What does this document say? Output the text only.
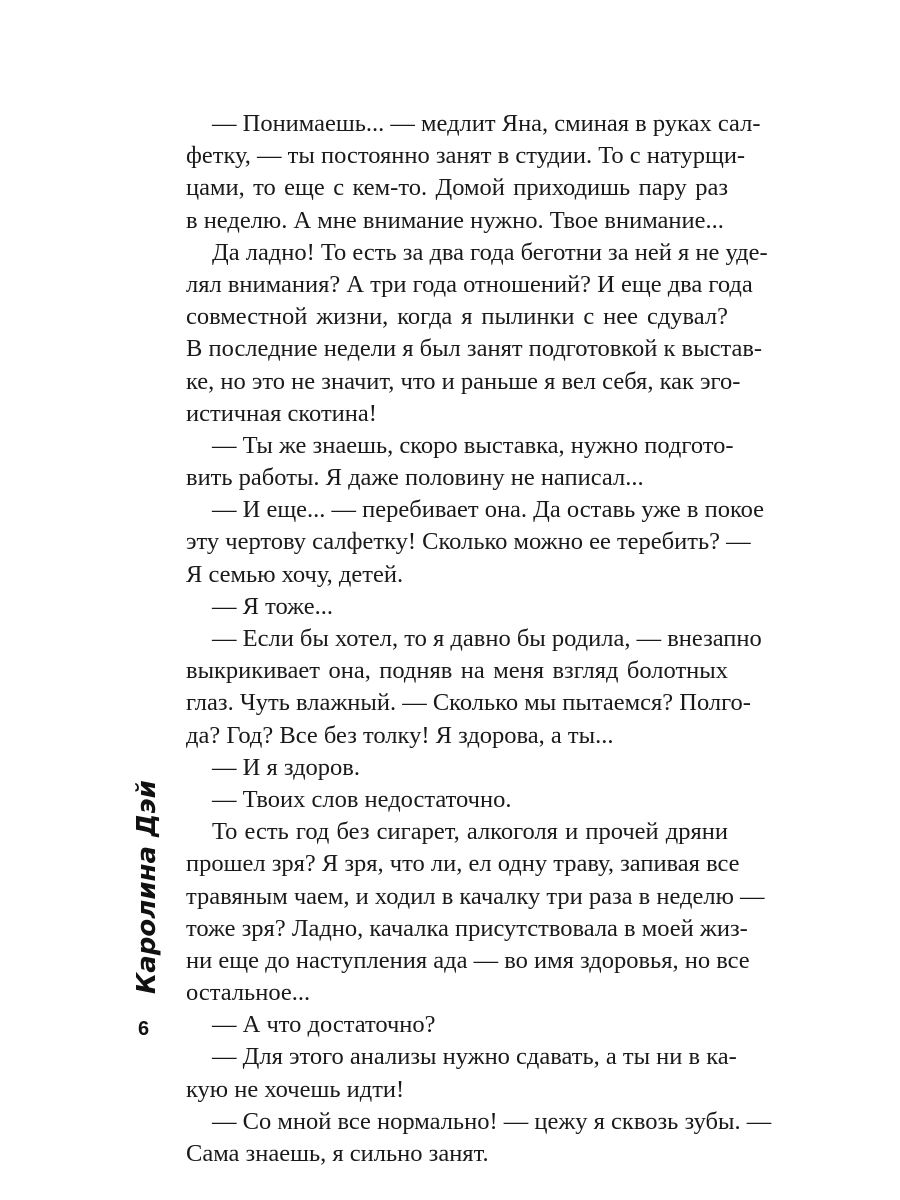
Каролина Дэй
6
— Понимаешь... — медлит Яна, сминая в руках сал-
фетку, — ты постоянно занят в студии. То с натурщи-
цами, то еще с кем-то. Домой приходишь пару раз
в неделю. А мне внимание нужно. Твое внимание...
Да ладно! То есть за два года беготни за ней я не уде-
лял внимания? А три года отношений? И еще два года
совместной жизни, когда я пылинки с нее сдувал?
В последние недели я был занят подготовкой к выстав-
ке, но это не значит, что и раньше я вел себя, как эго-
истичная скотина!
— Ты же знаешь, скоро выставка, нужно подгото-
вить работы. Я даже половину не написал...
— И еще... — перебивает она. Да оставь уже в покое
эту чертову салфетку! Сколько можно ее теребить? —
Я семью хочу, детей.
— Я тоже...
— Если бы хотел, то я давно бы родила, — внезапно
выкрикивает она, подняв на меня взгляд болотных
глаз. Чуть влажный. — Сколько мы пытаемся? Полго-
да? Год? Все без толку! Я здорова, а ты...
— И я здоров.
— Твоих слов недостаточно.
То есть год без сигарет, алкоголя и прочей дряни
прошел зря? Я зря, что ли, ел одну траву, запивая все
травяным чаем, и ходил в качалку три раза в неделю —
тоже зря? Ладно, качалка присутствовала в моей жиз-
ни еще до наступления ада — во имя здоровья, но все
остальное...
— А что достаточно?
— Для этого анализы нужно сдавать, а ты ни в ка-
кую не хочешь идти!
— Со мной все нормально! — цежу я сквозь зубы. —
Сама знаешь, я сильно занят.
